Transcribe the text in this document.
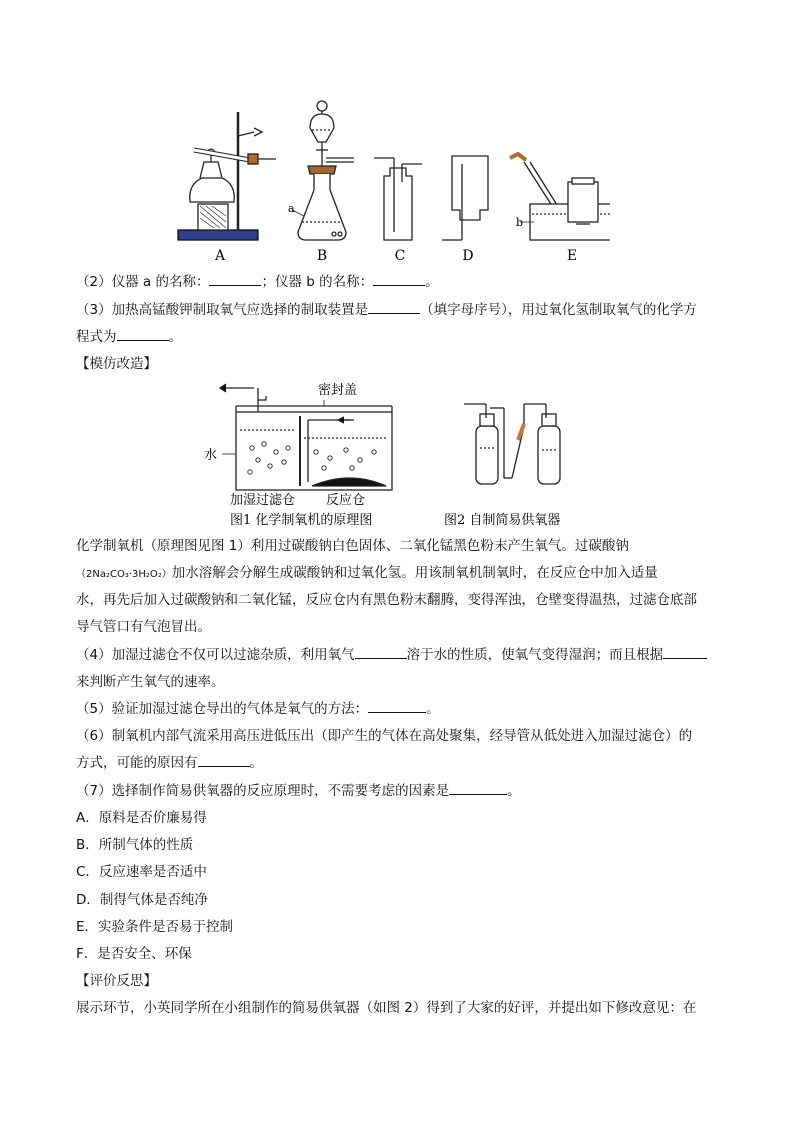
A
a
B	C	D
b
E
（2）仪器 a 的名称：	；仪器 b 的名称：	。
（3）加热高锰酸钾制取氧气应选择的制取装置是	（填字母序号），用过氧化氢制取氧气的化学方
程式为	。
【模仿改造】
密封盖
水
加湿过滤仓 反应仓
图1 化学制氧机的原理图	图2 自制简易供氧器
化学制氧机（原理图见图 1）利用过碳酸钠白色固体、二氧化锰黑色粉末产生氧气。过碳酸钠
（2Na₂CO₃·3H₂O₂）加水溶解会分解生成碳酸钠和过氧化氢。用该制氧机制氧时，在反应仓中加入适量
水，再先后加入过碳酸钠和二氧化锰，反应仓内有黑色粉末翻腾，变得浑浊，仓壁变得温热，过滤仓底部
导气管口有气泡冒出。
（4）加湿过滤仓不仅可以过滤杂质，利用氧气	溶于水的性质，使氧气变得湿润；而且根据
来判断产生氧气的速率。
（5）验证加湿过滤仓导出的气体是氧气的方法：	。
（6）制氧机内部气流采用高压进低压出（即产生的气体在高处聚集，经导管从低处进入加湿过滤仓）的
方式，可能的原因有	。
（7）选择制作简易供氧器的反应原理时，不需要考虑的因素是	。
A．原料是否价廉易得
B．所制气体的性质
C．反应速率是否适中
D．制得气体是否纯净
E．实验条件是否易于控制
F．是否安全、环保
【评价反思】
展示环节，小英同学所在小组制作的简易供氧器（如图 2）得到了大家的好评，并提出如下修改意见：在
